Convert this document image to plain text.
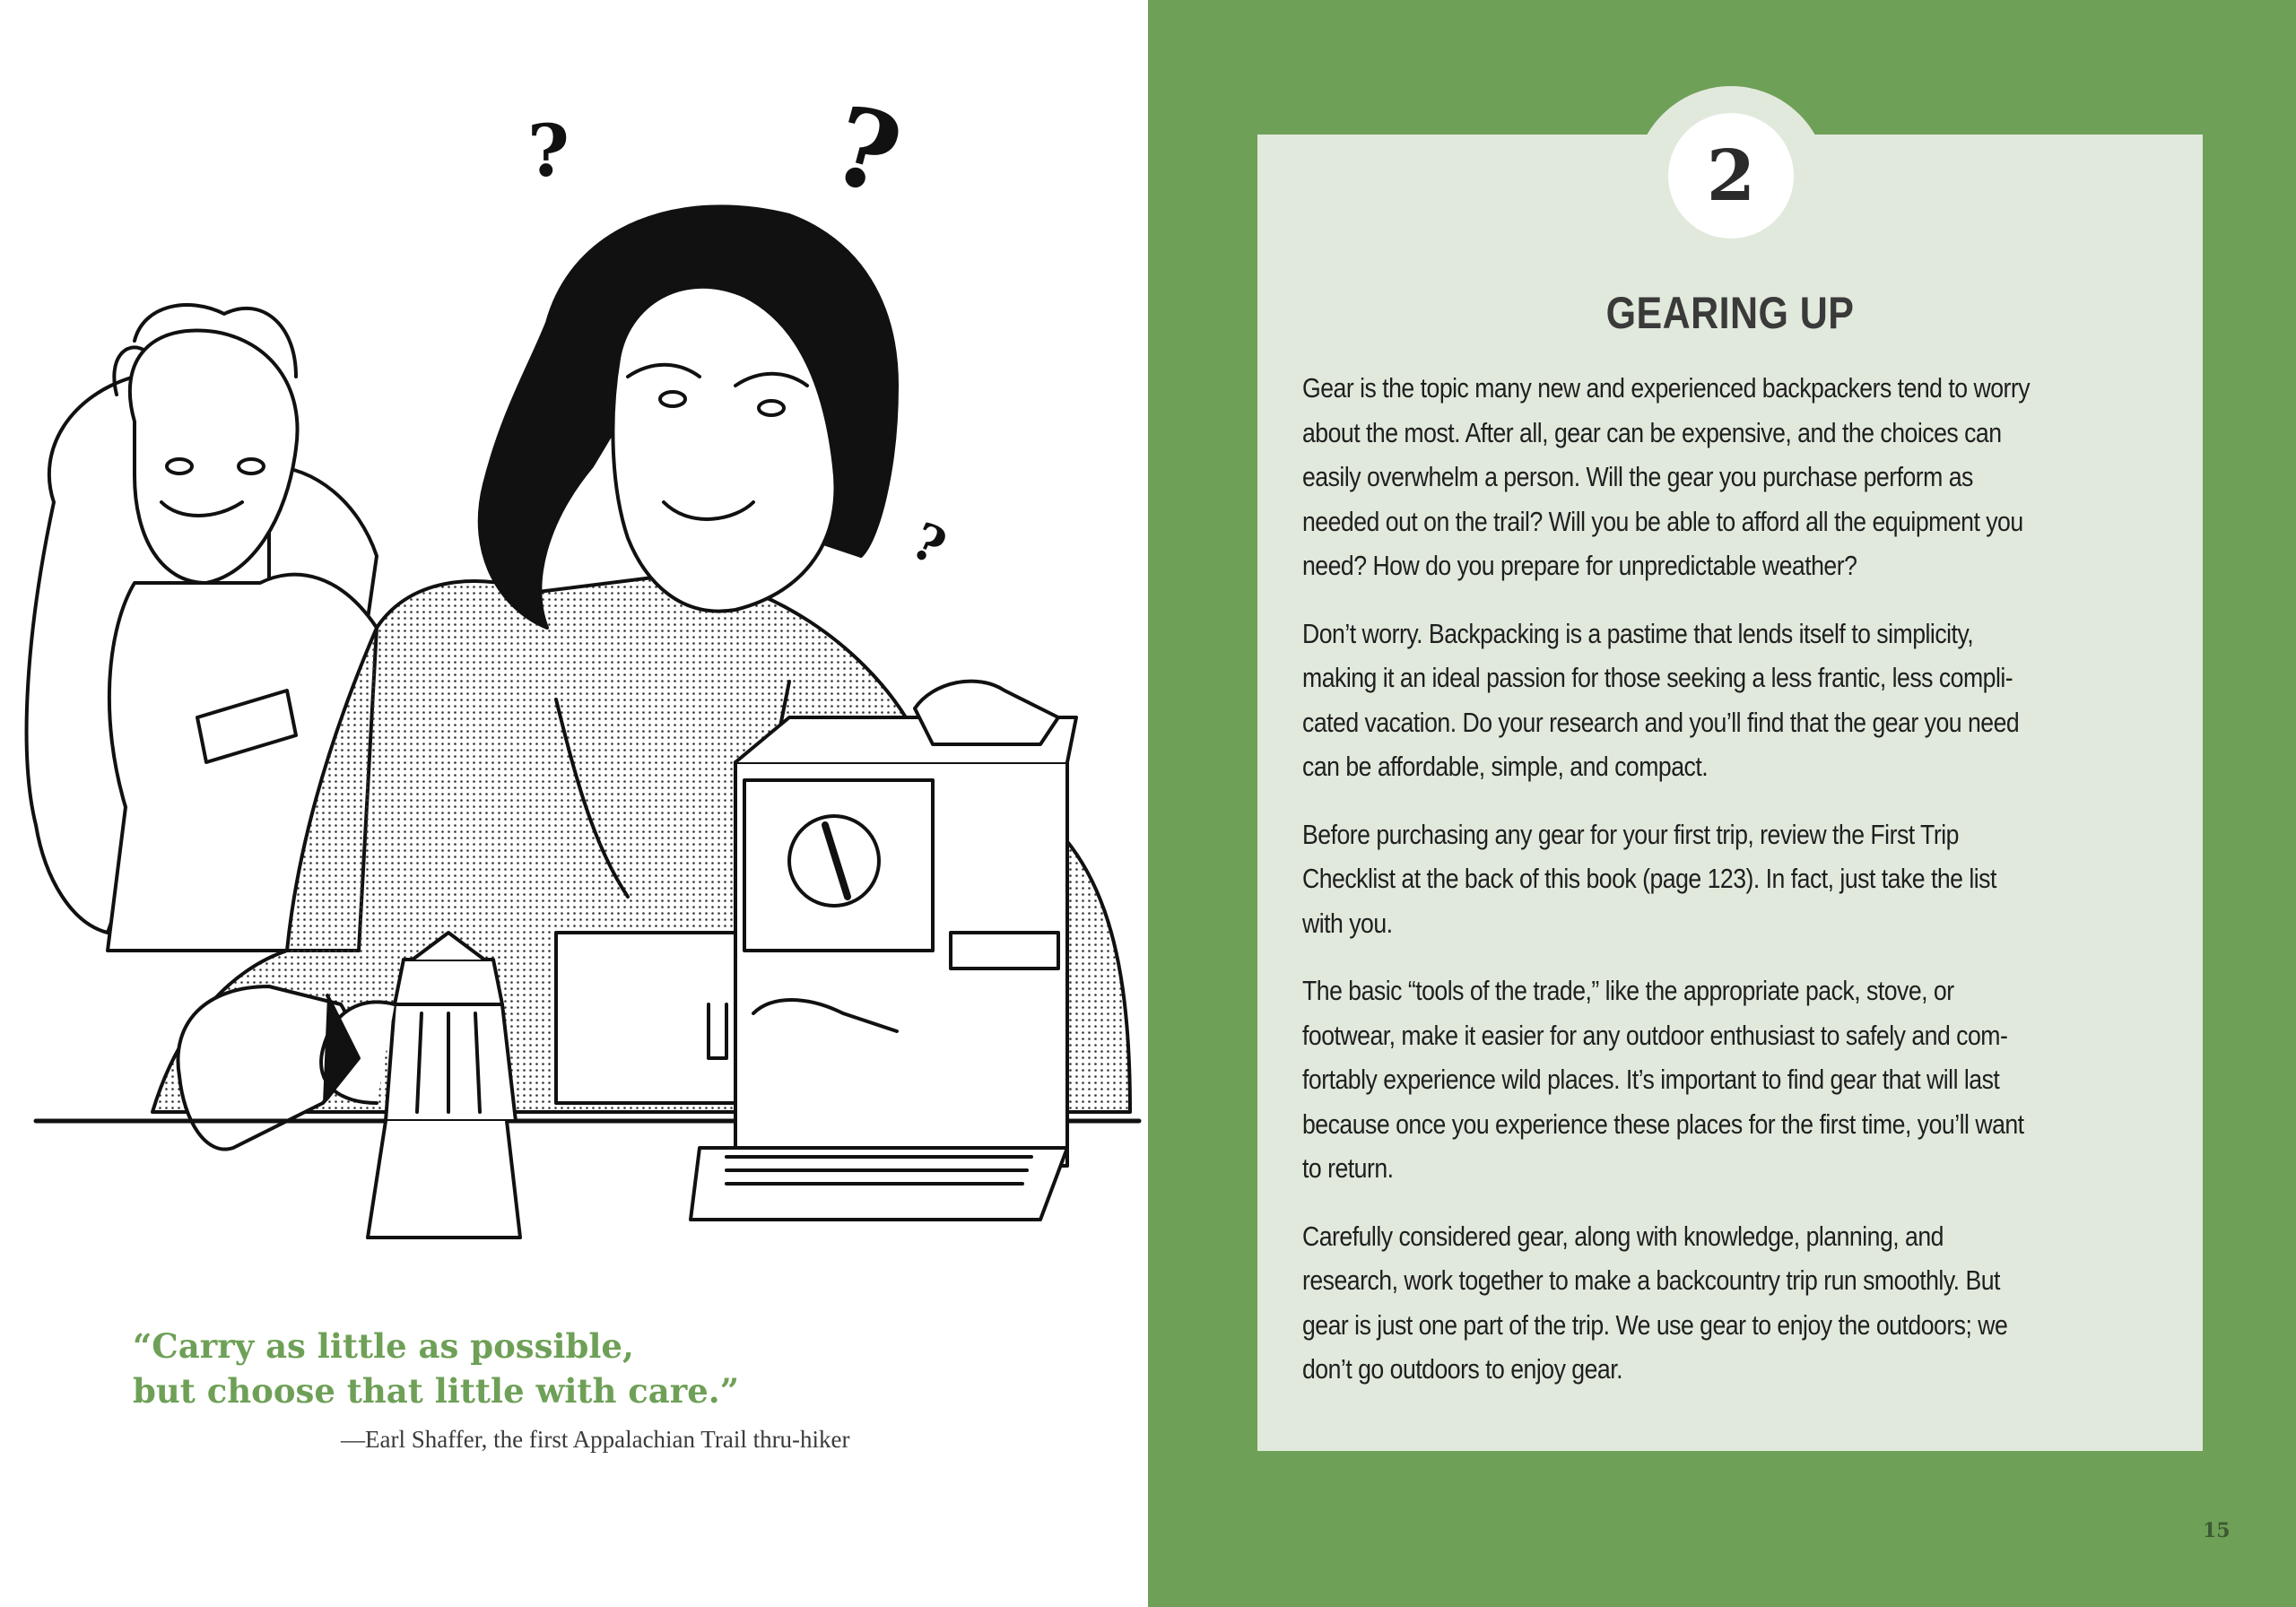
? ?
?
“Carry as little as possible,
but choose that little with care.”
—Earl Shaffer, the first Appalachian Trail thru-hiker
2
GEARING UP
Gear is the topic many new and experienced backpackers tend to worry
about the most. After all, gear can be expensive, and the choices can
easily overwhelm a person. Will the gear you purchase perform as
needed out on the trail? Will you be able to afford all the equipment you
need? How do you prepare for unpredictable weather?
Don’t worry. Backpacking is a pastime that lends itself to simplicity,
making it an ideal passion for those seeking a less frantic, less compli-
cated vacation. Do your research and you’ll find that the gear you need
can be affordable, simple, and compact.
Before purchasing any gear for your first trip, review the First Trip
Checklist at the back of this book (page 123). In fact, just take the list
with you.
The basic “tools of the trade,” like the appropriate pack, stove, or
footwear, make it easier for any outdoor enthusiast to safely and com-
fortably experience wild places. It’s important to find gear that will last
because once you experience these places for the first time, you’ll want
to return.
Carefully considered gear, along with knowledge, planning, and
research, work together to make a backcountry trip run smoothly. But
gear is just one part of the trip. We use gear to enjoy the outdoors; we
don’t go outdoors to enjoy gear.
15
